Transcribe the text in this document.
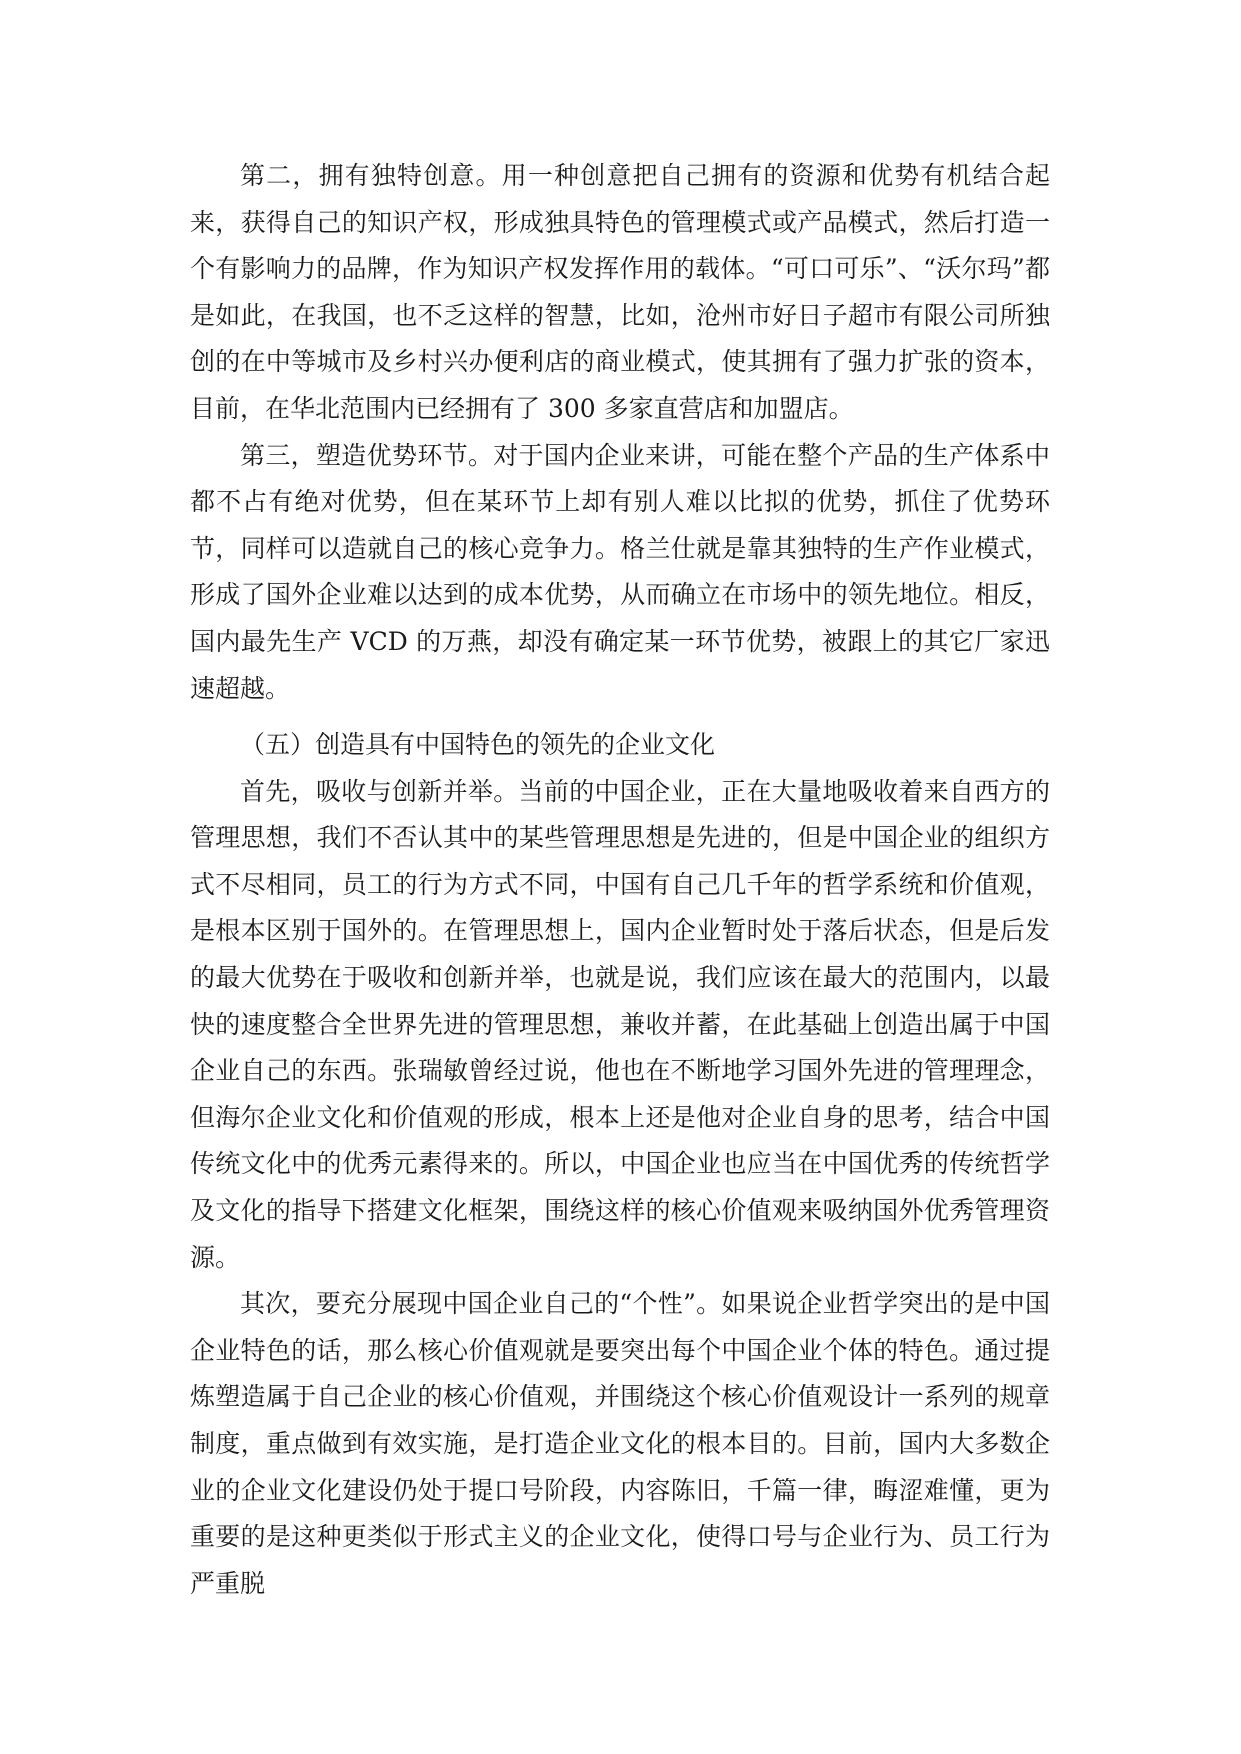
第二，拥有独特创意。用一种创意把自己拥有的资源和优势有机结合起来，获得自己的知识产权，形成独具特色的管理模式或产品模式，然后打造一个有影响力的品牌，作为知识产权发挥作用的载体。“可口可乐”、“沃尔玛”都是如此，在我国，也不乏这样的智慧，比如，沧州市好日子超市有限公司所独创的在中等城市及乡村兴办便利店的商业模式，使其拥有了强力扩张的资本，目前，在华北范围内已经拥有了 300 多家直营店和加盟店。

第三，塑造优势环节。对于国内企业来讲，可能在整个产品的生产体系中都不占有绝对优势，但在某环节上却有别人难以比拟的优势，抓住了优势环节，同样可以造就自己的核心竞争力。格兰仕就是靠其独特的生产作业模式，形成了国外企业难以达到的成本优势，从而确立在市场中的领先地位。相反，国内最先生产 VCD 的万燕，却没有确定某一环节优势，被跟上的其它厂家迅速超越。

（五）创造具有中国特色的领先的企业文化

首先，吸收与创新并举。当前的中国企业，正在大量地吸收着来自西方的管理思想，我们不否认其中的某些管理思想是先进的，但是中国企业的组织方式不尽相同，员工的行为方式不同，中国有自己几千年的哲学系统和价值观，是根本区别于国外的。在管理思想上，国内企业暂时处于落后状态，但是后发的最大优势在于吸收和创新并举，也就是说，我们应该在最大的范围内，以最快的速度整合全世界先进的管理思想，兼收并蓄，在此基础上创造出属于中国企业自己的东西。张瑞敏曾经过说，他也在不断地学习国外先进的管理理念，但海尔企业文化和价值观的形成，根本上还是他对企业自身的思考，结合中国传统文化中的优秀元素得来的。所以，中国企业也应当在中国优秀的传统哲学及文化的指导下搭建文化框架，围绕这样的核心价值观来吸纳国外优秀管理资源。

其次，要充分展现中国企业自己的“个性”。如果说企业哲学突出的是中国企业特色的话，那么核心价值观就是要突出每个中国企业个体的特色。通过提炼塑造属于自己企业的核心价值观，并围绕这个核心价值观设计一系列的规章制度，重点做到有效实施，是打造企业文化的根本目的。目前，国内大多数企业的企业文化建设仍处于提口号阶段，内容陈旧，千篇一律，晦涩难懂，更为重要的是这种更类似于形式主义的企业文化，使得口号与企业行为、员工行为严重脱
